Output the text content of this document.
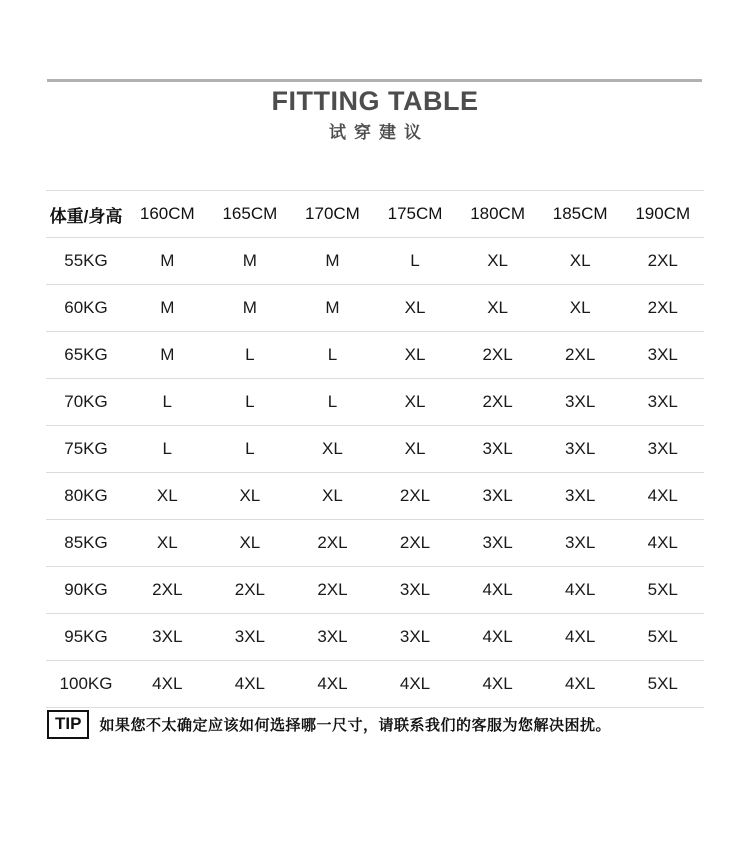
FITTING TABLE
试穿建议
体重/身高	160CM	165CM	170CM	175CM	180CM	185CM	190CM
55KG	M	M	M	L	XL	XL	2XL
60KG	M	M	M	XL	XL	XL	2XL
65KG	M	L	L	XL	2XL	2XL	3XL
70KG	L	L	L	XL	2XL	3XL	3XL
75KG	L	L	XL	XL	3XL	3XL	3XL
80KG	XL	XL	XL	2XL	3XL	3XL	4XL
85KG	XL	XL	2XL	2XL	3XL	3XL	4XL
90KG	2XL	2XL	2XL	3XL	4XL	4XL	5XL
95KG	3XL	3XL	3XL	3XL	4XL	4XL	5XL
100KG	4XL	4XL	4XL	4XL	4XL	4XL	5XL
TIP	如果您不太确定应该如何选择哪一尺寸，请联系我们的客服为您解决困扰。
